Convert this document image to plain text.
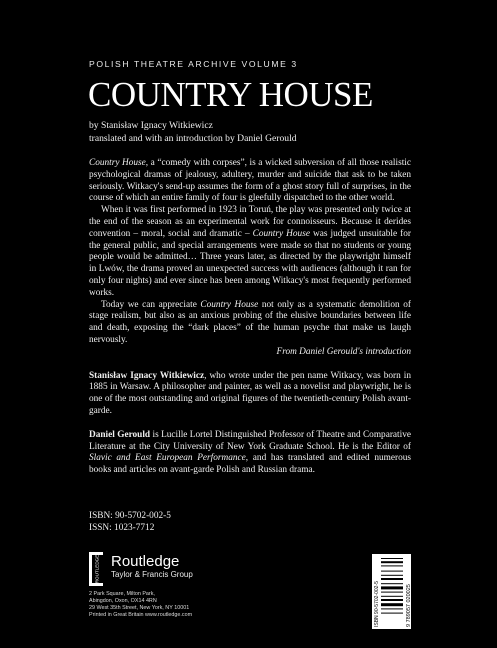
POLISH THEATRE ARCHIVE VOLUME 3
COUNTRY HOUSE
by Stanisław Ignacy Witkiewicz
translated and with an introduction by Daniel Gerould

Country House, a “comedy with corpses”, is a wicked subversion of all those realistic psychological dramas of jealousy, adultery, murder and suicide that ask to be taken seriously. Witkacy's send-up assumes the form of a ghost story full of surprises, in the course of which an entire family of four is gleefully dispatched to the other world.

When it was first performed in 1923 in Toruń, the play was presented only twice at the end of the season as an experimental work for connoisseurs. Because it derides convention – moral, social and dramatic – Country House was judged unsuitable for the general public, and special arrangements were made so that no students or young people would be admitted… Three years later, as directed by the playwright himself in Lwów, the drama proved an unexpected success with audiences (although it ran for only four nights) and ever since has been among Witkacy's most frequently performed works.

Today we can appreciate Country House not only as a systematic demolition of stage realism, but also as an anxious probing of the elusive boundaries between life and death, exposing the “dark places” of the human psyche that make us laugh nervously.

From Daniel Gerould's introduction

Stanisław Ignacy Witkiewicz, who wrote under the pen name Witkacy, was born in 1885 in Warsaw. A philosopher and painter, as well as a novelist and playwright, he is one of the most outstanding and original figures of the twentieth-century Polish avant-garde.

Daniel Gerould is Lucille Lortel Distinguished Professor of Theatre and Comparative Literature at the City University of New York Graduate School. He is the Editor of Slavic and East European Performance, and has translated and edited numerous books and articles on avant-garde Polish and Russian drama.

ISBN: 90-5702-002-5
ISSN: 1023-7712
ROUTLEDGE Routledge
Taylor & Francis Group
2 Park Square, Milton Park,
Abingdon, Oxon, OX14 4RN
29 West 35th Street, New York, NY 10001
Printed in Great Britain www.routledge.com	ISBN 90-5702-002-5	9 789057 020025
